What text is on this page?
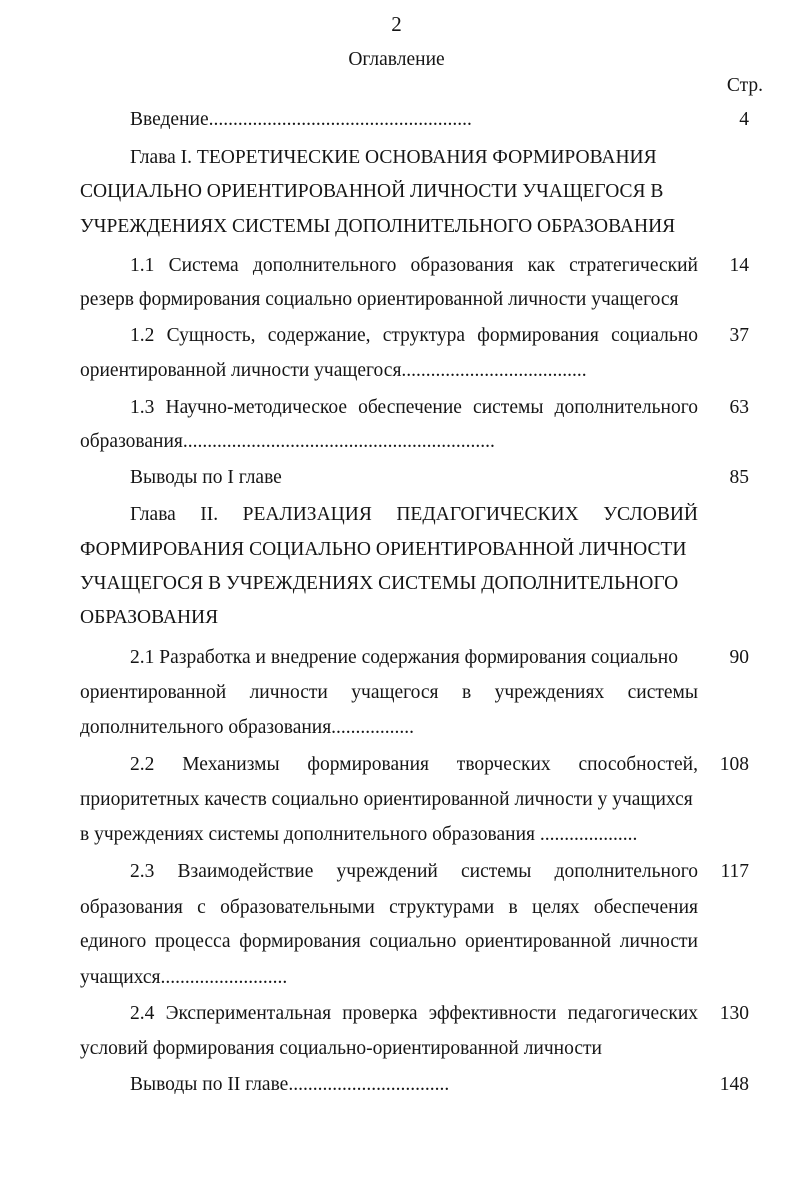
2
Оглавление
Стр.
Введение......................................................	4
Глава I. ТЕОРЕТИЧЕСКИЕ ОСНОВАНИЯ ФОРМИРОВАНИЯ
СОЦИАЛЬНО ОРИЕНТИРОВАННОЙ ЛИЧНОСТИ УЧАЩЕГОСЯ В
УЧРЕЖДЕНИЯХ СИСТЕМЫ ДОПОЛНИТЕЛЬНОГО ОБРАЗОВАНИЯ
1.1 Система дополнительного образования как стратегический 14
резерв формирования социально ориентированной личности учащегося
1.2 Сущность, содержание, структура формирования социально 37
ориентированной личности учащегося......................................
1.3 Научно-методическое обеспечение системы дополнительного 63
образования................................................................
Выводы по I главе	85
Глава II. РЕАЛИЗАЦИЯ ПЕДАГОГИЧЕСКИХ УСЛОВИЙ
ФОРМИРОВАНИЯ СОЦИАЛЬНО ОРИЕНТИРОВАННОЙ ЛИЧНОСТИ
УЧАЩЕГОСЯ В УЧРЕЖДЕНИЯХ СИСТЕМЫ ДОПОЛНИТЕЛЬНОГО
ОБРАЗОВАНИЯ
2.1 Разработка и внедрение содержания формирования социально	90
ориентированной личности учащегося в учреждениях системы
дополнительного образования.................
2.2 Механизмы формирования творческих способностей, 108
приоритетных качеств социально ориентированной личности у учащихся
в учреждениях системы дополнительного образования ....................
2.3 Взаимодействие учреждений системы дополнительного 117
образования с образовательными структурами в целях обеспечения
единого процесса формирования социально ориентированной личности
учащихся..........................
2.4 Экспериментальная проверка эффективности педагогических 130
условий формирования социально-ориентированной личности
Выводы по II главе.................................	148
